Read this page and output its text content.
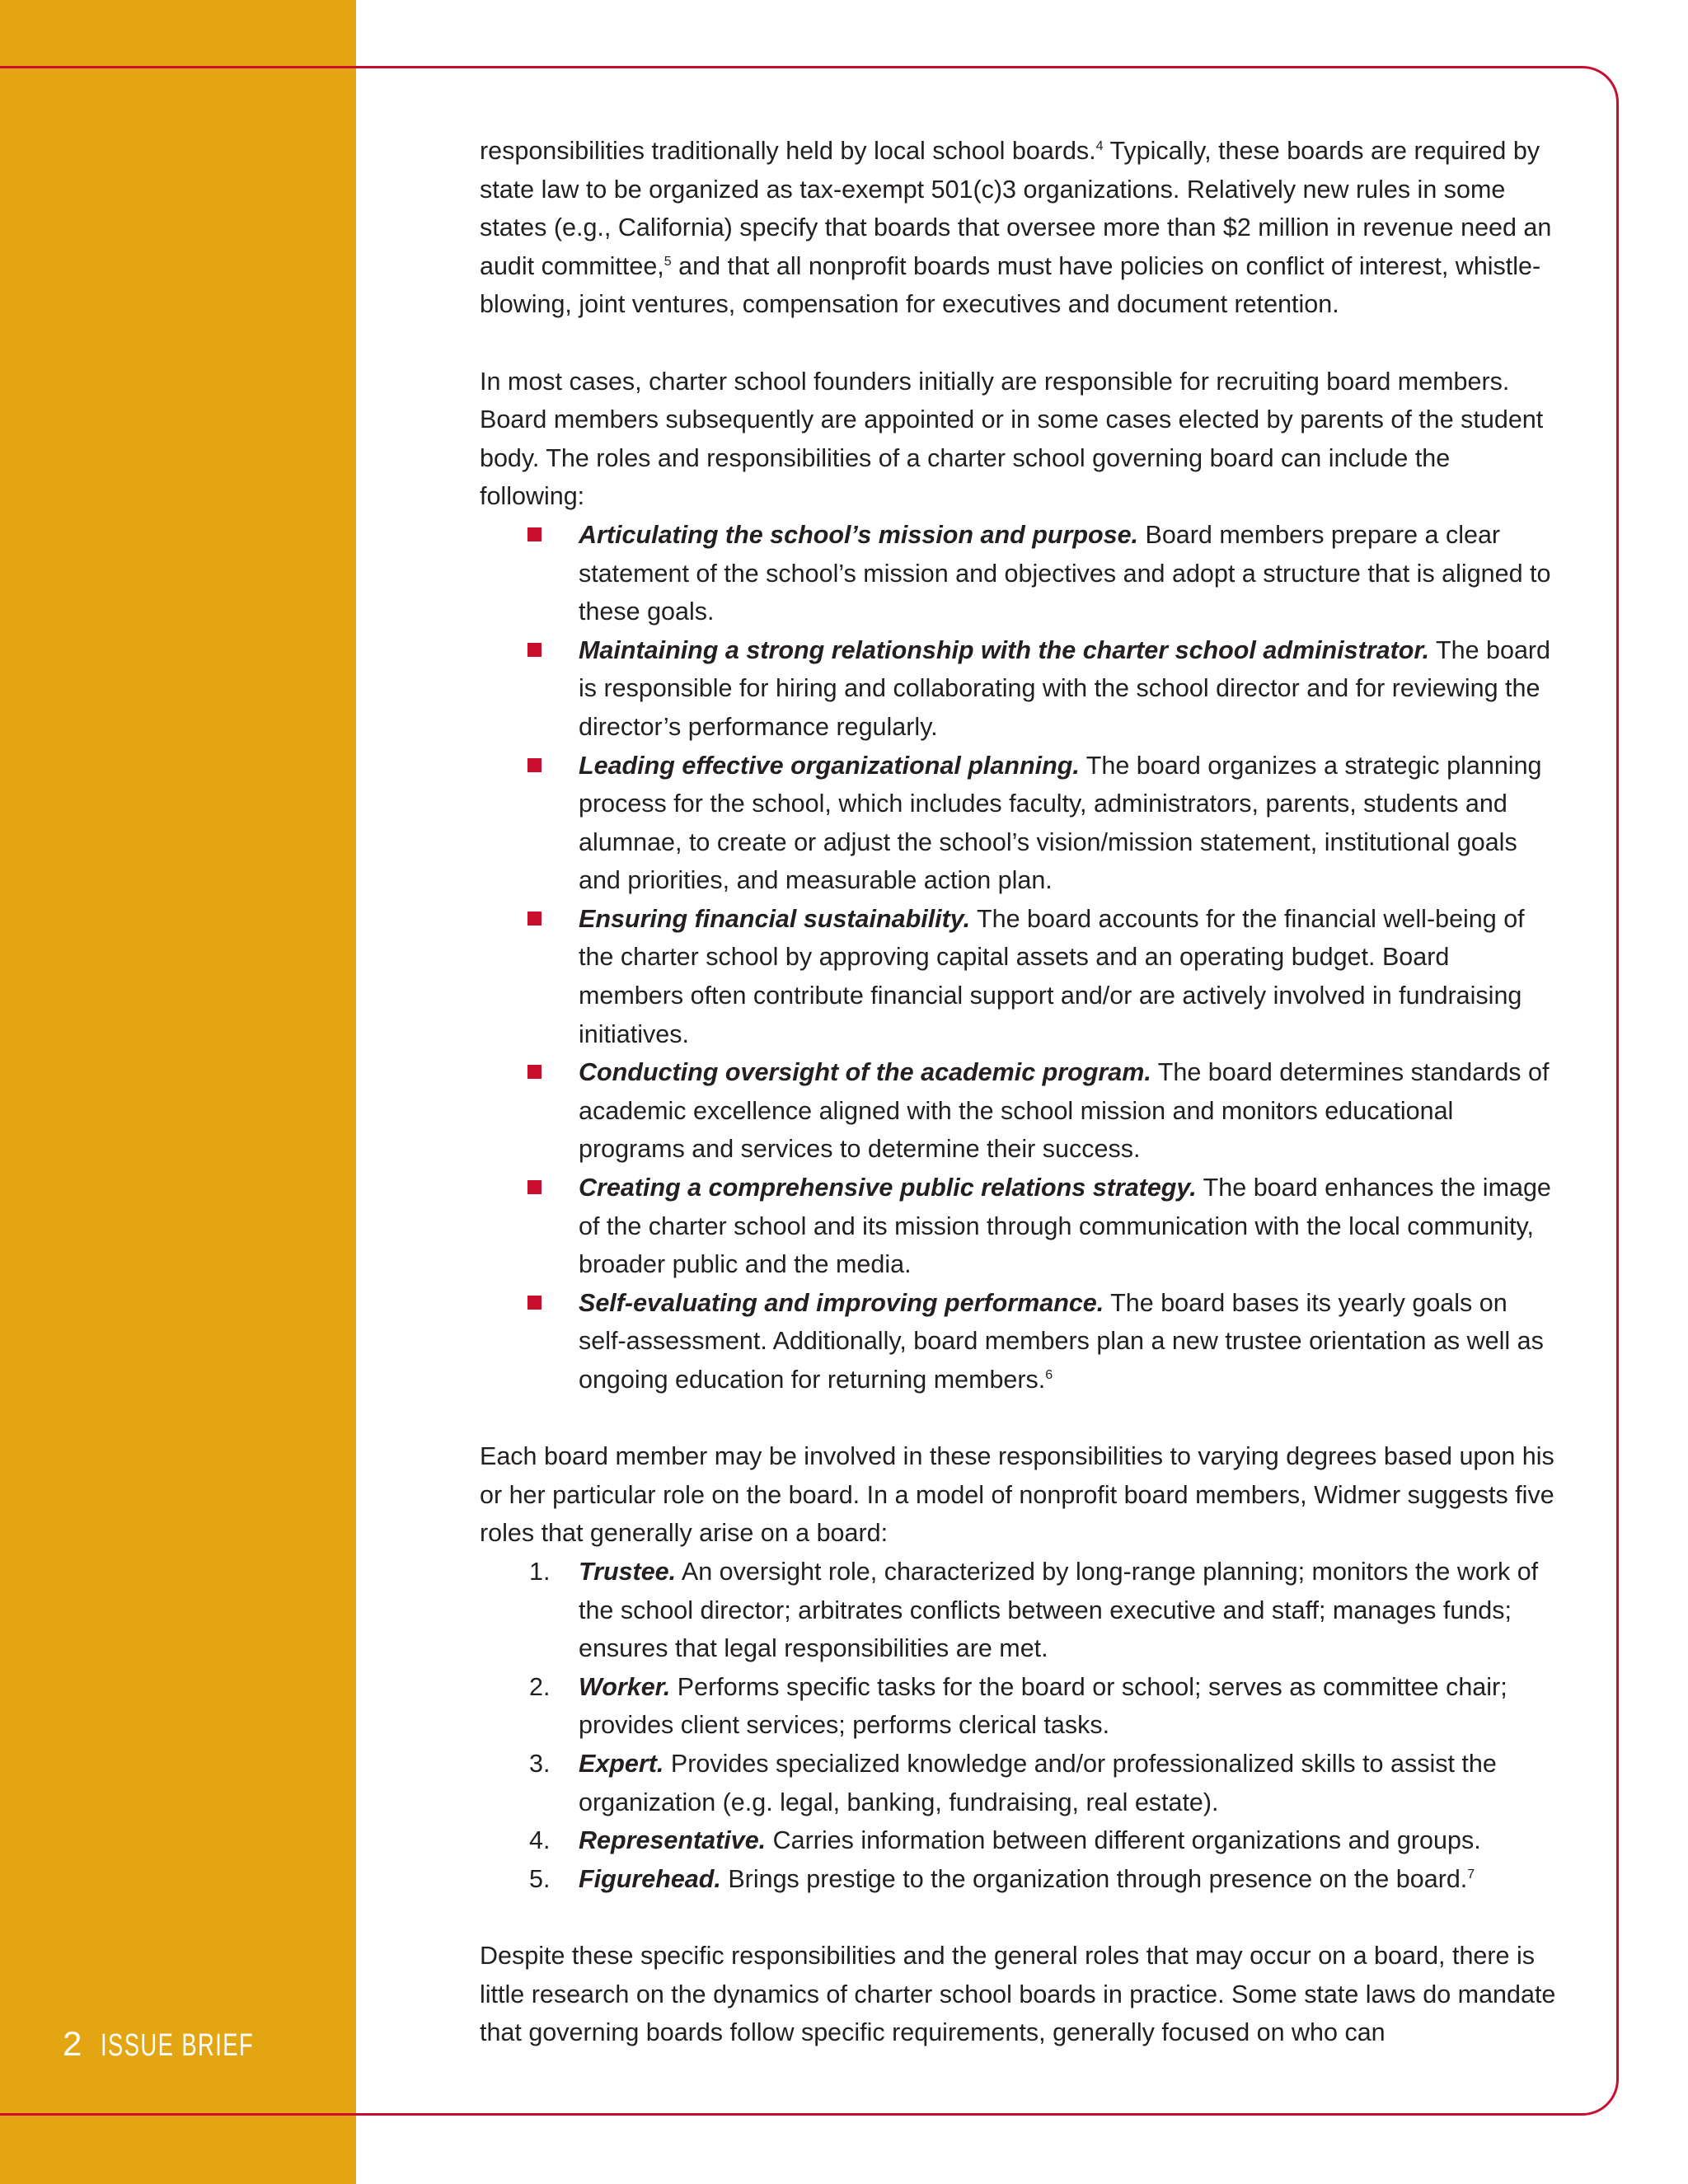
2 ISSUE BRIEF

responsibilities traditionally held by local school boards.$^4$ Typically, these boards are required by state law to be organized as tax-exempt 501(c)3 organizations. Relatively new rules in some states (e.g., California) specify that boards that oversee more than $2 million in revenue need an audit committee,$^5$ and that all nonprofit boards must have policies on conflict of interest, whistle-blowing, joint ventures, compensation for executives and document retention.

In most cases, charter school founders initially are responsible for recruiting board members. Board members subsequently are appointed or in some cases elected by parents of the student body. The roles and responsibilities of a charter school governing board can include the following:

Articulating the school’s mission and purpose. Board members prepare a clear statement of the school’s mission and objectives and adopt a structure that is aligned to these goals.
Maintaining a strong relationship with the charter school administrator. The board is responsible for hiring and collaborating with the school director and for reviewing the director’s performance regularly.
Leading effective organizational planning. The board organizes a strategic planning process for the school, which includes faculty, administrators, parents, students and alumnae, to create or adjust the school’s vision/mission statement, institutional goals and priorities, and measurable action plan.
Ensuring financial sustainability. The board accounts for the financial well-being of the charter school by approving capital assets and an operating budget. Board members often contribute financial support and/or are actively involved in fundraising initiatives.
Conducting oversight of the academic program. The board determines standards of academic excellence aligned with the school mission and monitors educational programs and services to determine their success.
Creating a comprehensive public relations strategy. The board enhances the image of the charter school and its mission through communication with the local community, broader public and the media.
Self-evaluating and improving performance. The board bases its yearly goals on self-assessment. Additionally, board members plan a new trustee orientation as well as ongoing education for returning members.$^6$

Each board member may be involved in these responsibilities to varying degrees based upon his or her particular role on the board. In a model of nonprofit board members, Widmer suggests five roles that generally arise on a board:

1. Trustee. An oversight role, characterized by long-range planning; monitors the work of the school director; arbitrates conflicts between executive and staff; manages funds; ensures that legal responsibilities are met.
2. Worker. Performs specific tasks for the board or school; serves as committee chair; provides client services; performs clerical tasks.
3. Expert. Provides specialized knowledge and/or professionalized skills to assist the organization (e.g. legal, banking, fundraising, real estate).
4. Representative. Carries information between different organizations and groups.
5. Figurehead. Brings prestige to the organization through presence on the board.$^7$

Despite these specific responsibilities and the general roles that may occur on a board, there is little research on the dynamics of charter school boards in practice. Some state laws do mandate that governing boards follow specific requirements, generally focused on who can
